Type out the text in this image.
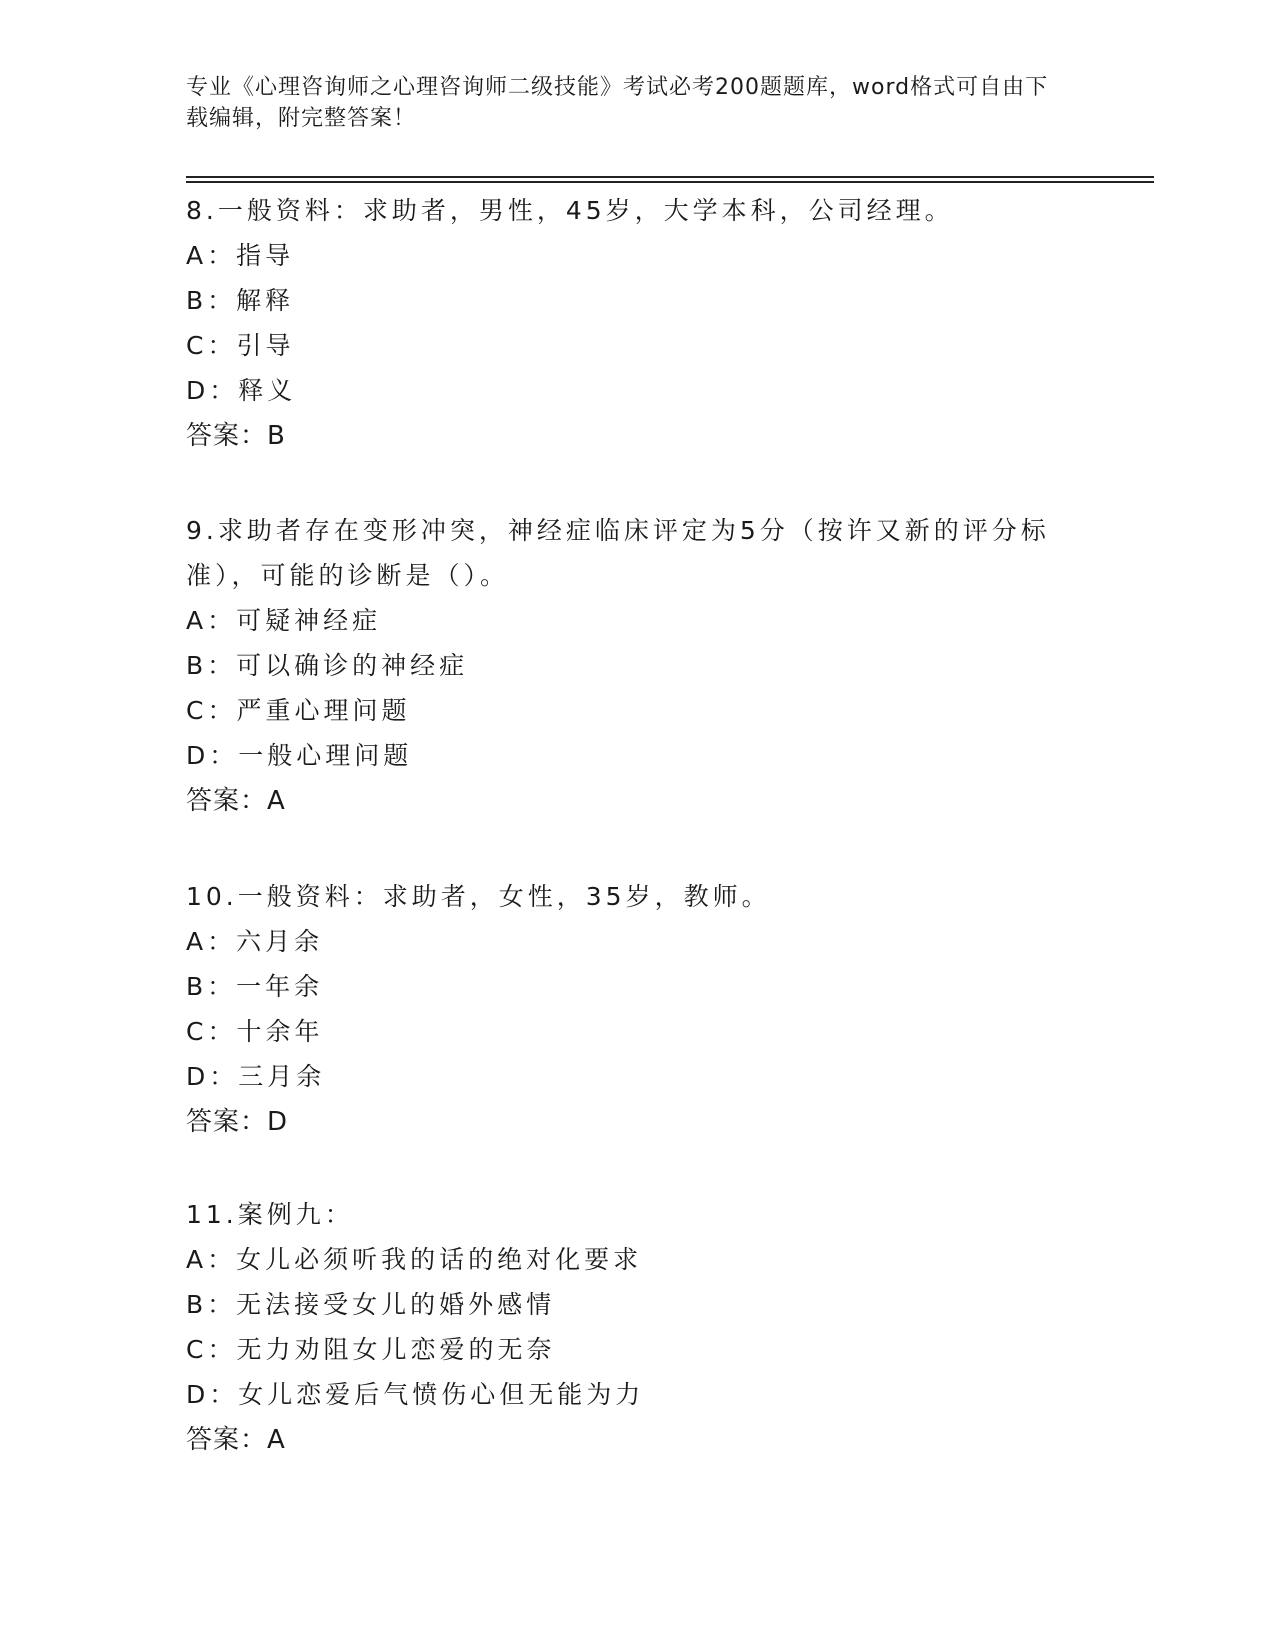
专业《心理咨询师之心理咨询师二级技能》考试必考200题题库，word格式可自由下载编辑，附完整答案！

8.一般资料：求助者，男性，45岁，大学本科，公司经理。

A：指导

B：解释

C：引导

D：释义

答案：B

9.求助者存在变形冲突，神经症临床评定为5分（按许又新的评分标准），可能的诊断是（）。

A：可疑神经症

B：可以确诊的神经症

C：严重心理问题

D：一般心理问题

答案：A

10.一般资料：求助者，女性，35岁，教师。

A：六月余

B：一年余

C：十余年

D：三月余

答案：D

11.案例九：

A：女儿必须听我的话的绝对化要求

B：无法接受女儿的婚外感情

C：无力劝阻女儿恋爱的无奈

D：女儿恋爱后气愤伤心但无能为力

答案：A
